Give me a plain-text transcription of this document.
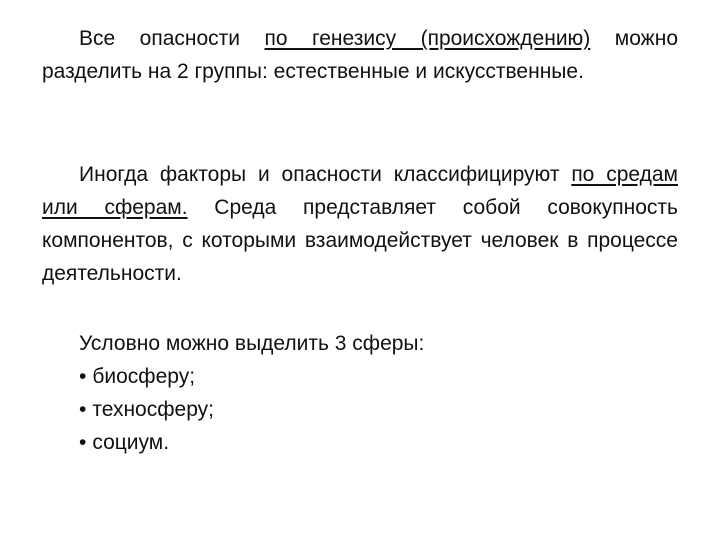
Все опасности по генезису (происхождению) можно разделить на 2 группы: естественные и искусственные.

Иногда факторы и опасности классифицируют по средам или сферам. Среда представляет собой совокупность компонентов, с которыми взаимодействует человек в процессе деятельности.

Условно можно выделить 3 сферы:
• биосферу;
• техносферу;
• социум.
